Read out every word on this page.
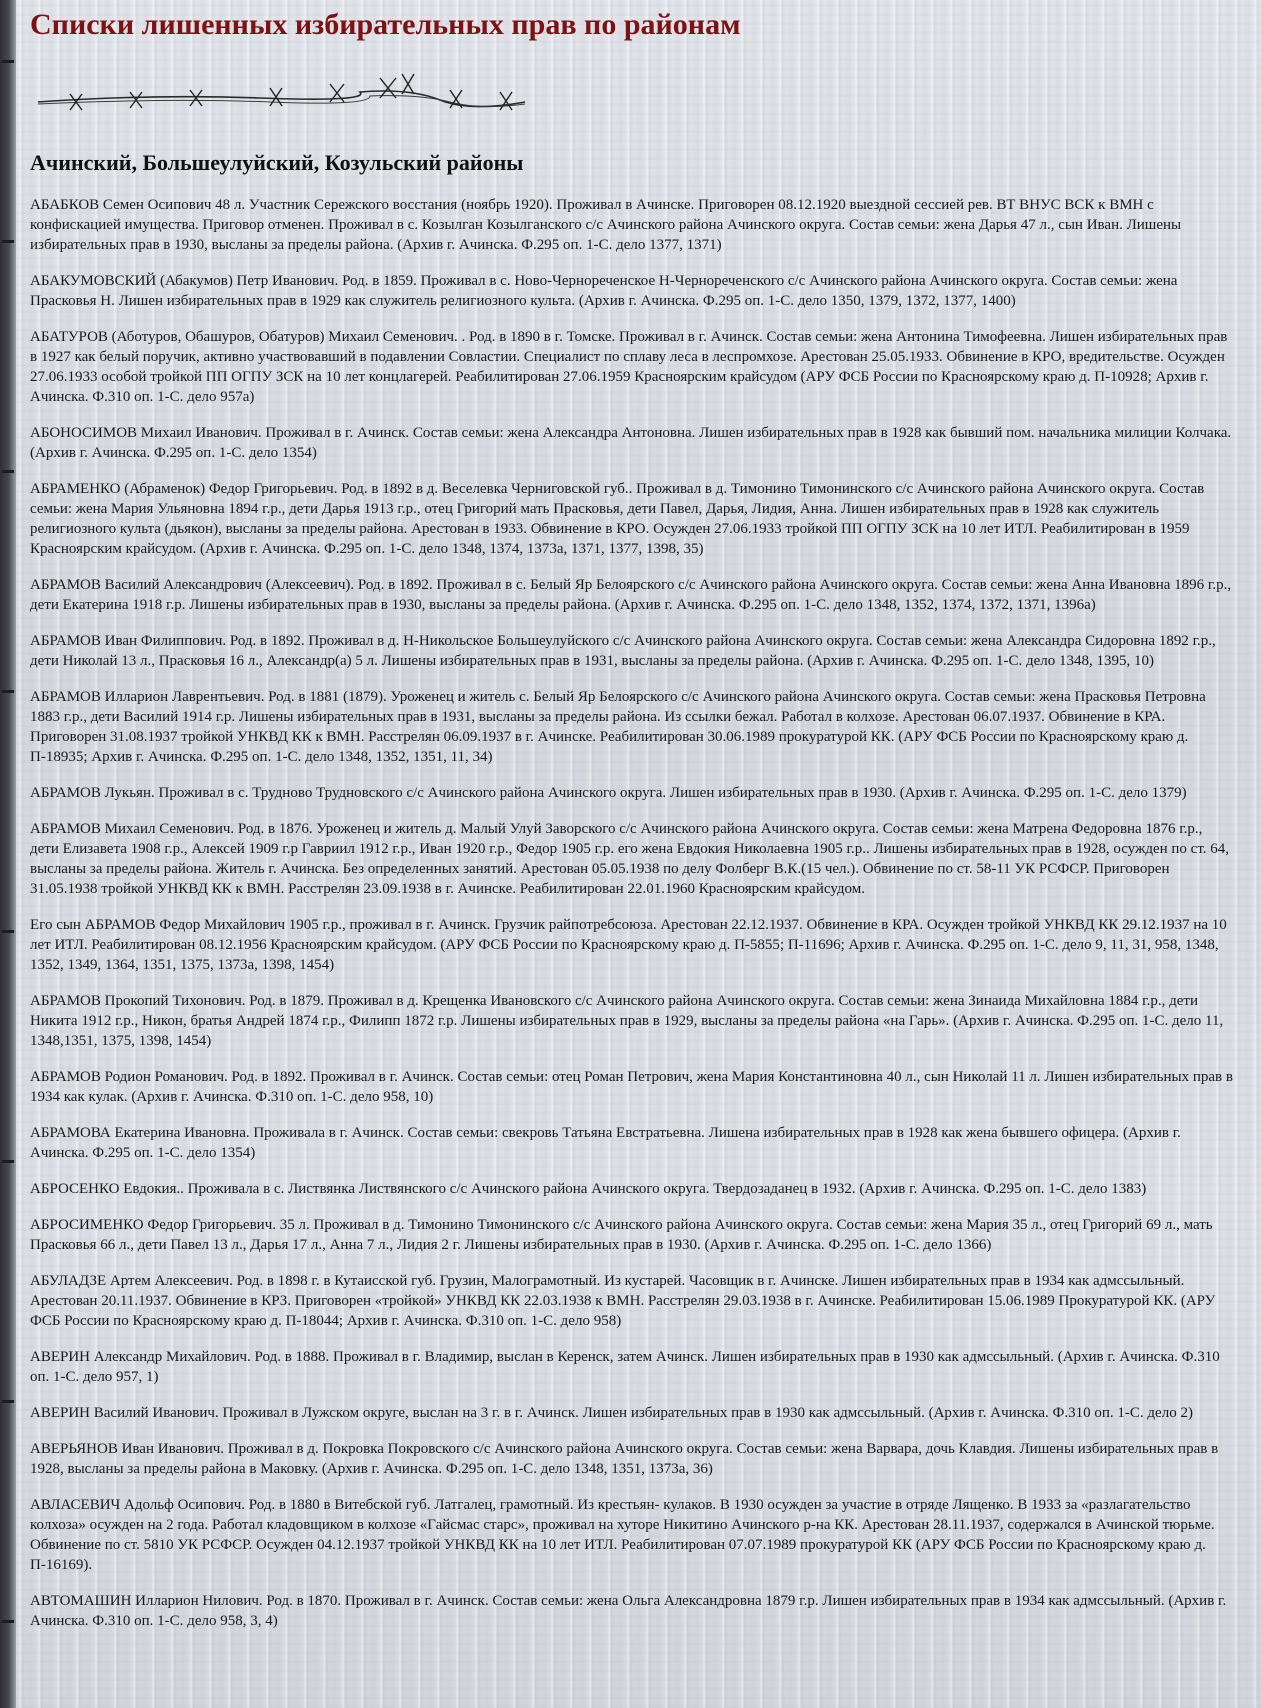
Списки лишенных избирательных прав по районам
Ачинский, Большеулуйский, Козульский районы

АБАБКОВ Семен Осипович 48 л. Участник Сережского восстания (ноябрь 1920). Проживал в Ачинске. Приговорен 08.12.1920 выездной сессией рев. ВТ ВНУС ВСК к ВМН с конфискацией имущества. Приговор отменен. Проживал в с. Козылган Козылганского с/с Ачинского района Ачинского округа. Состав семьи: жена Дарья 47 л., сын Иван. Лишены избирательных прав в 1930, высланы за пределы района. (Архив г. Ачинска. Ф.295 оп. 1-С. дело 1377, 1371)

АБАКУМОВСКИЙ (Абакумов) Петр Иванович. Род. в 1859. Проживал в с. Ново-Чернореченское Н-Чернореченского с/с Ачинского района Ачинского округа. Состав семьи: жена Прасковья Н. Лишен избирательных прав в 1929 как служитель религиозного культа. (Архив г. Ачинска. Ф.295 оп. 1-С. дело 1350, 1379, 1372, 1377, 1400)

АБАТУРОВ (Аботуров, Обашуров, Обатуров) Михаил Семенович. . Род. в 1890 в г. Томске. Проживал в г. Ачинск. Состав семьи: жена Антонина Тимофеевна. Лишен избирательных прав в 1927 как белый поручик, активно участвовавший в подавлении Совластии. Специалист по сплаву леса в леспромхозе. Арестован 25.05.1933. Обвинение в КРО, вредительстве. Осужден 27.06.1933 особой тройкой ПП ОГПУ ЗСК на 10 лет концлагерей. Реабилитирован 27.06.1959 Красноярским крайсудом (АРУ ФСБ России по Красноярскому краю д. П-10928; Архив г. Ачинска. Ф.310 оп. 1-С. дело 957а)

АБОНОСИМОВ Михаил Иванович. Проживал в г. Ачинск. Состав семьи: жена Александра Антоновна. Лишен избирательных прав в 1928 как бывший пом. начальника милиции Колчака. (Архив г. Ачинска. Ф.295 оп. 1-С. дело 1354)

АБРАМЕНКО (Абраменок) Федор Григорьевич. Род. в 1892 в д. Веселевка Черниговской губ.. Проживал в д. Тимонино Тимонинского с/с Ачинского района Ачинского округа. Состав семьи: жена Мария Ульяновна 1894 г.р., дети Дарья 1913 г.р., отец Григорий мать Прасковья, дети Павел, Дарья, Лидия, Анна. Лишен избирательных прав в 1928 как служитель религиозного культа (дьякон), высланы за пределы района. Арестован в 1933. Обвинение в КРО. Осужден 27.06.1933 тройкой ПП ОГПУ ЗСК на 10 лет ИТЛ. Реабилитирован в 1959 Красноярским крайсудом. (Архив г. Ачинска. Ф.295 оп. 1-С. дело 1348, 1374, 1373а, 1371, 1377, 1398, 35)

АБРАМОВ Василий Александрович (Алексеевич). Род. в 1892. Проживал в с. Белый Яр Белоярского с/с Ачинского района Ачинского округа. Состав семьи: жена Анна Ивановна 1896 г.р., дети Екатерина 1918 г.р. Лишены избирательных прав в 1930, высланы за пределы района. (Архив г. Ачинска. Ф.295 оп. 1-С. дело 1348, 1352, 1374, 1372, 1371, 1396а)

АБРАМОВ Иван Филиппович. Род. в 1892. Проживал в д. Н-Никольское Большеулуйского с/с Ачинского района Ачинского округа. Состав семьи: жена Александра Сидоровна 1892 г.р., дети Николай 13 л., Прасковья 16 л., Александр(а) 5 л. Лишены избирательных прав в 1931, высланы за пределы района. (Архив г. Ачинска. Ф.295 оп. 1-С. дело 1348, 1395, 10)

АБРАМОВ Илларион Лаврентьевич. Род. в 1881 (1879). Уроженец и житель с. Белый Яр Белоярского с/с Ачинского района Ачинского округа. Состав семьи: жена Прасковья Петровна 1883 г.р., дети Василий 1914 г.р. Лишены избирательных прав в 1931, высланы за пределы района. Из ссылки бежал. Работал в колхозе. Арестован 06.07.1937. Обвинение в КРА. Приговорен 31.08.1937 тройкой УНКВД КК к ВМН. Расстрелян 06.09.1937 в г. Ачинске. Реабилитирован 30.06.1989 прокуратурой КК. (АРУ ФСБ России по Красноярскому краю д. П-18935; Архив г. Ачинска. Ф.295 оп. 1-С. дело 1348, 1352, 1351, 11, 34)

АБРАМОВ Лукьян. Проживал в с. Трудново Трудновского с/с Ачинского района Ачинского округа. Лишен избирательных прав в 1930. (Архив г. Ачинска. Ф.295 оп. 1-С. дело 1379)

АБРАМОВ Михаил Семенович. Род. в 1876. Уроженец и житель д. Малый Улуй Заворского с/с Ачинского района Ачинского округа. Состав семьи: жена Матрена Федоровна 1876 г.р., дети Елизавета 1908 г.р., Алексей 1909 г.р Гавриил 1912 г.р., Иван 1920 г.р., Федор 1905 г.р. его жена Евдокия Николаевна 1905 г.р.. Лишены избирательных прав в 1928, осужден по ст. 64, высланы за пределы района. Житель г. Ачинска. Без определенных занятий. Арестован 05.05.1938 по делу Фолберг В.К.(15 чел.). Обвинение по ст. 58-11 УК РСФСР. Приговорен 31.05.1938 тройкой УНКВД КК к ВМН. Расстрелян 23.09.1938 в г. Ачинске. Реабилитирован 22.01.1960 Красноярским крайсудом.

Его сын АБРАМОВ Федор Михайлович 1905 г.р., проживал в г. Ачинск. Грузчик райпотребсоюза. Арестован 22.12.1937. Обвинение в КРА. Осужден тройкой УНКВД КК 29.12.1937 на 10 лет ИТЛ. Реабилитирован 08.12.1956 Красноярским крайсудом. (АРУ ФСБ России по Красноярскому краю д. П-5855; П-11696; Архив г. Ачинска. Ф.295 оп. 1-С. дело 9, 11, 31, 958, 1348, 1352, 1349, 1364, 1351, 1375, 1373а, 1398, 1454)

АБРАМОВ Прокопий Тихонович. Род. в 1879. Проживал в д. Крещенка Ивановского с/с Ачинского района Ачинского округа. Состав семьи: жена Зинаида Михайловна 1884 г.р., дети Никита 1912 г.р., Никон, братья Андрей 1874 г.р., Филипп 1872 г.р. Лишены избирательных прав в 1929, высланы за пределы района «на Гарь». (Архив г. Ачинска. Ф.295 оп. 1-С. дело 11, 1348,1351, 1375, 1398, 1454)

АБРАМОВ Родион Романович. Род. в 1892. Проживал в г. Ачинск. Состав семьи: отец Роман Петрович, жена Мария Константиновна 40 л., сын Николай 11 л. Лишен избирательных прав в 1934 как кулак. (Архив г. Ачинска. Ф.310 оп. 1-С. дело 958, 10)

АБРАМОВА Екатерина Ивановна. Проживала в г. Ачинск. Состав семьи: свекровь Татьяна Евстратьевна. Лишена избирательных прав в 1928 как жена бывшего офицера. (Архив г. Ачинска. Ф.295 оп. 1-С. дело 1354)

АБРОСЕНКО Евдокия.. Проживала в с. Листвянка Листвянского с/с Ачинского района Ачинского округа. Твердозаданец в 1932. (Архив г. Ачинска. Ф.295 оп. 1-С. дело 1383)

АБРОСИМЕНКО Федор Григорьевич. 35 л. Проживал в д. Тимонино Тимонинского с/с Ачинского района Ачинского округа. Состав семьи: жена Мария 35 л., отец Григорий 69 л., мать Прасковья 66 л., дети Павел 13 л., Дарья 17 л., Анна 7 л., Лидия 2 г. Лишены избирательных прав в 1930. (Архив г. Ачинска. Ф.295 оп. 1-С. дело 1366)

АБУЛАДЗЕ Артем Алексеевич. Род. в 1898 г. в Кутаисской губ. Грузин, Малограмотный. Из кустарей. Часовщик в г. Ачинске. Лишен избирательных прав в 1934 как адмссыльный. Арестован 20.11.1937. Обвинение в КРЗ. Приговорен «тройкой» УНКВД КК 22.03.1938 к ВМН. Расстрелян 29.03.1938 в г. Ачинске. Реабилитирован 15.06.1989 Прокуратурой КК. (АРУ ФСБ России по Красноярскому краю д. П-18044; Архив г. Ачинска. Ф.310 оп. 1-С. дело 958)

АВЕРИН Александр Михайлович. Род. в 1888. Проживал в г. Владимир, выслан в Керенск, затем Ачинск. Лишен избирательных прав в 1930 как адмссыльный. (Архив г. Ачинска. Ф.310 оп. 1-С. дело 957, 1)

АВЕРИН Василий Иванович. Проживал в Лужском округе, выслан на 3 г. в г. Ачинск. Лишен избирательных прав в 1930 как адмссыльный. (Архив г. Ачинска. Ф.310 оп. 1-С. дело 2)

АВЕРЬЯНОВ Иван Иванович. Проживал в д. Покровка Покровского с/с Ачинского района Ачинского округа. Состав семьи: жена Варвара, дочь Клавдия. Лишены избирательных прав в 1928, высланы за пределы района в Маковку. (Архив г. Ачинска. Ф.295 оп. 1-С. дело 1348, 1351, 1373а, 36)

АВЛАСЕВИЧ Адольф Осипович. Род. в 1880 в Витебской губ. Латгалец, грамотный. Из крестьян- кулаков. В 1930 осужден за участие в отряде Лященко. В 1933 за «разлагательство колхоза» осужден на 2 года. Работал кладовщиком в колхозе «Гайсмас старс», проживал на хуторе Никитино Ачинского р-на КК. Арестован 28.11.1937, содержался в Ачинской тюрьме. Обвинение по ст. 5810 УК РСФСР. Осужден 04.12.1937 тройкой УНКВД КК на 10 лет ИТЛ. Реабилитирован 07.07.1989 прокуратурой КК (АРУ ФСБ России по Красноярскому краю д. П-16169).

АВТОМАШИН Илларион Нилович. Род. в 1870. Проживал в г. Ачинск. Состав семьи: жена Ольга Александровна 1879 г.р. Лишен избирательных прав в 1934 как адмссыльный. (Архив г. Ачинска. Ф.310 оп. 1-С. дело 958, 3, 4)
